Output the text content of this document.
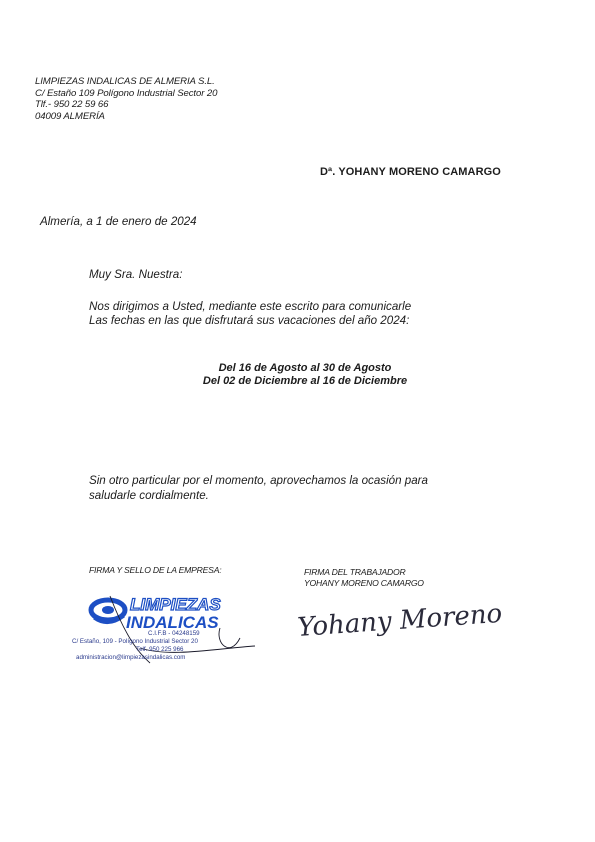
LIMPIEZAS INDALICAS DE ALMERIA S.L.
C/ Estaño 109 Polígono Industrial Sector 20
Tlf.- 950 22 59 66
04009 ALMERÍA
Dª. YOHANY MORENO CAMARGO
Almería, a 1 de enero de 2024
Muy Sra. Nuestra:
Nos dirigimos a Usted, mediante este escrito para comunicarle
Las fechas en las que disfrutará sus vacaciones del año 2024:
Del 16 de Agosto al 30 de Agosto
Del 02 de Diciembre al 16 de Diciembre
Sin otro particular por el momento, aprovechamos la ocasión para
saludarle cordialmente.
FIRMA Y SELLO DE LA EMPRESA:	FIRMA DEL TRABAJADOR
YOHANY MORENO CAMARGO
LIMPIEZAS
INDALICAS
C.I.F.B - 04248159
C/ Estaño, 109 - Polígono Industrial Sector 20
Telf. 950 225 966
administracion@limpiezasindalicas.com
Yohany Moreno
